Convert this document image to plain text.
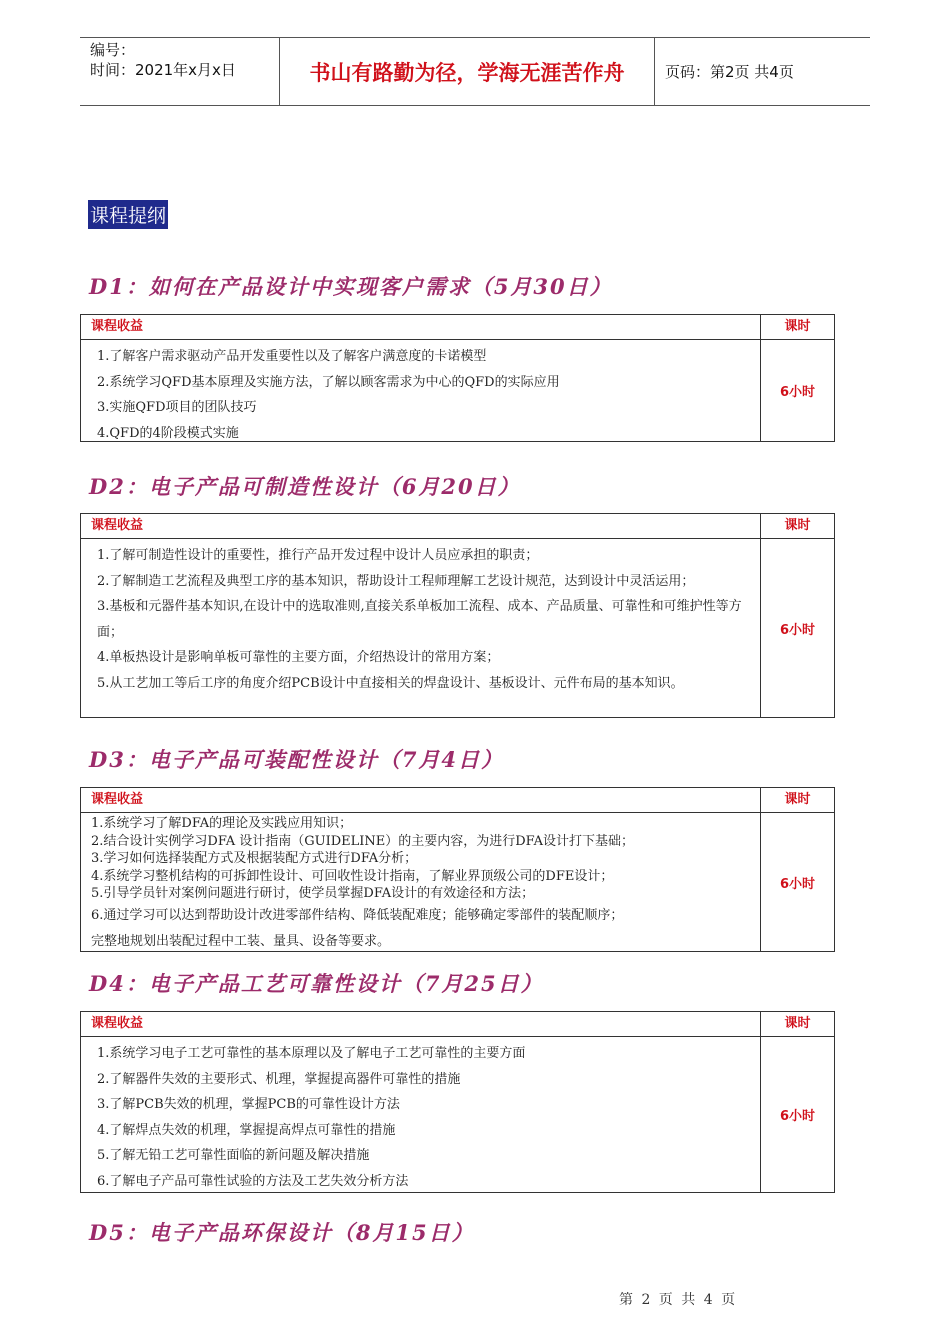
编号：
时间：2021年x月x日	书山有路勤为径，学海无涯苦作舟	页码：第2页 共4页
课程提纲
D1：如何在产品设计中实现客户需求（5月30日）
课程收益	课时
1.了解客户需求驱动产品开发重要性以及了解客户满意度的卡诺模型
2.系统学习QFD基本原理及实施方法，了解以顾客需求为中心的QFD的实际应用
3.实施QFD项目的团队技巧
4.QFD的4阶段模式实施
6小时
D2：电子产品可制造性设计（6月20日）
课程收益	课时
1.了解可制造性设计的重要性，推行产品开发过程中设计人员应承担的职责；
2.了解制造工艺流程及典型工序的基本知识，帮助设计工程师理解工艺设计规范，达到设计中灵活运用；
3.基板和元器件基本知识,在设计中的选取准则,直接关系单板加工流程、成本、产品质量、可靠性和可维护性等方面；
4.单板热设计是影响单板可靠性的主要方面，介绍热设计的常用方案；
5.从工艺加工等后工序的角度介绍PCB设计中直接相关的焊盘设计、基板设计、元件布局的基本知识。
6小时
D3：电子产品可装配性设计（7月4日）
课程收益	课时
1.系统学习了解DFA的理论及实践应用知识；
2.结合设计实例学习DFA 设计指南（GUIDELINE）的主要内容，为进行DFA设计打下基础；
3.学习如何选择装配方式及根据装配方式进行DFA分析；
4.系统学习整机结构的可拆卸性设计、可回收性设计指南，了解业界顶级公司的DFE设计；
5.引导学员针对案例问题进行研讨，使学员掌握DFA设计的有效途径和方法；
6.通过学习可以达到帮助设计改进零部件结构、降低装配难度；能够确定零部件的装配顺序；
完整地规划出装配过程中工装、量具、设备等要求。
6小时
D4：电子产品工艺可靠性设计（7月25日）
课程收益	课时
1.系统学习电子工艺可靠性的基本原理以及了解电子工艺可靠性的主要方面
2.了解器件失效的主要形式、机理，掌握提高器件可靠性的措施
3.了解PCB失效的机理，掌握PCB的可靠性设计方法
4.了解焊点失效的机理，掌握提高焊点可靠性的措施
5.了解无铅工艺可靠性面临的新问题及解决措施
6.了解电子产品可靠性试验的方法及工艺失效分析方法
6小时
D5：电子产品环保设计（8月15日）
第 2 页 共 4 页
